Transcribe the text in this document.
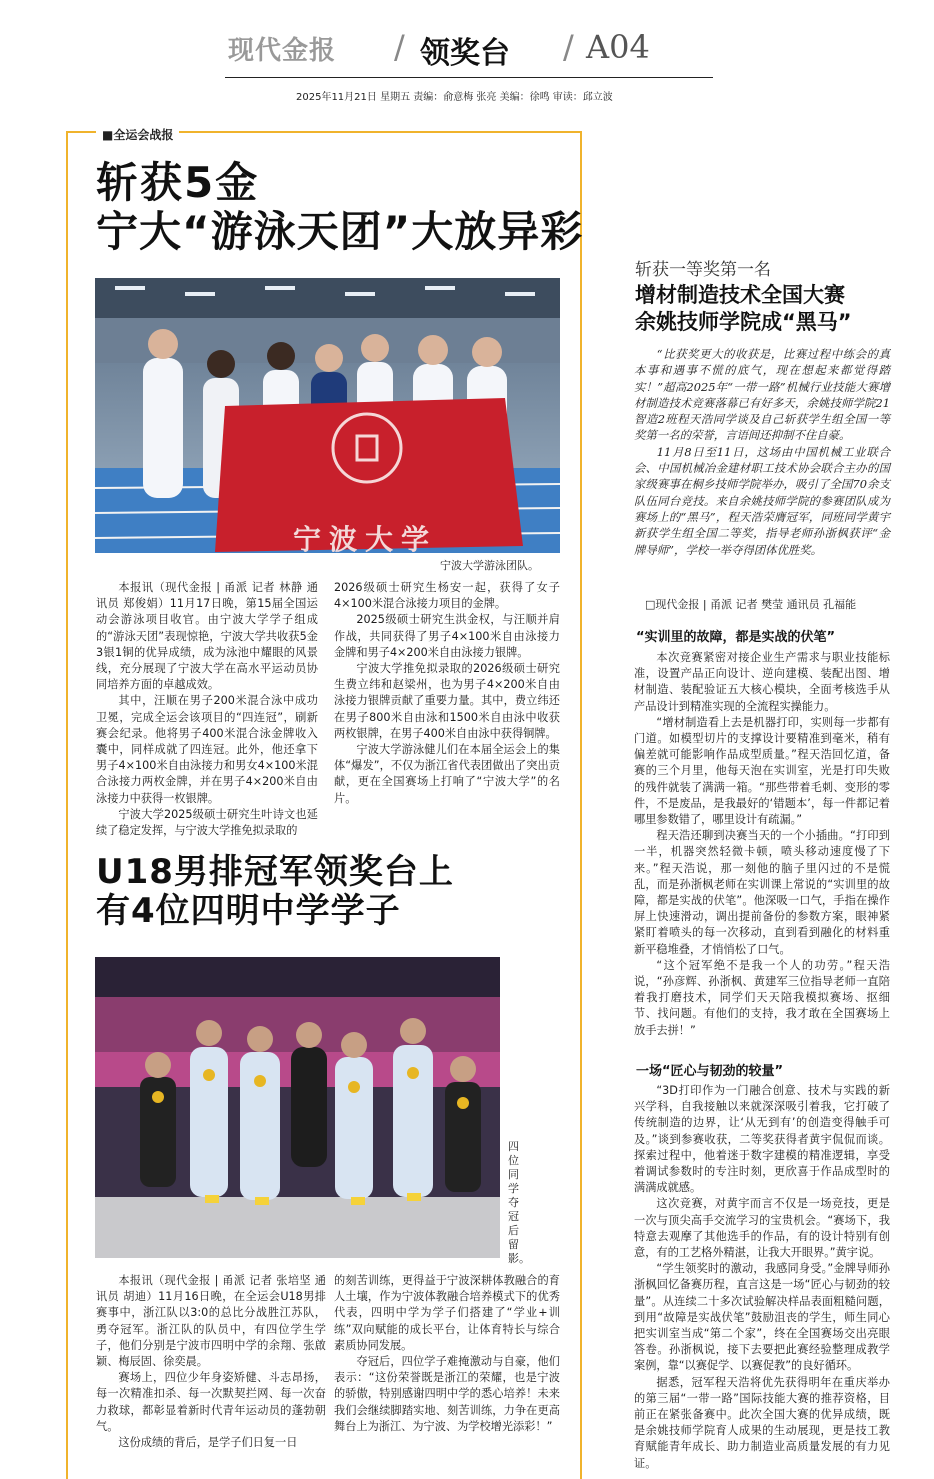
现代金报 / 领奖台 / A04
2025年11月21日 星期五 责编：俞意梅 张亮 美编：徐鸣 审读：邱立波
■全运会战报
斩获5金
宁大“游泳天团”大放异彩
宁波大学
宁波大学游泳团队。

本报讯（现代金报 | 甬派 记者 林静 通讯员 郑俊娟）11月17日晚，第15届全国运动会游泳项目收官。由宁波大学学子组成的“游泳天团”表现惊艳，宁波大学共收获5金3银1铜的优异成绩，成为泳池中耀眼的风景线，充分展现了宁波大学在高水平运动员协同培养方面的卓越成效。

其中，汪顺在男子200米混合泳中成功卫冕，完成全运会该项目的“四连冠”，刷新赛会纪录。他将男子400米混合泳金牌收入囊中，同样成就了四连冠。此外，他还拿下男子4×100米自由泳接力和男女4×100米混合泳接力两枚金牌，并在男子4×200米自由泳接力中获得一枚银牌。

宁波大学2025级硕士研究生叶诗文也延续了稳定发挥，与宁波大学推免拟录取的

2026级硕士研究生杨安一起，获得了女子4×100米混合泳接力项目的金牌。

2025级硕士研究生洪金权，与汪顺并肩作战，共同获得了男子4×100米自由泳接力金牌和男子4×200米自由泳接力银牌。

宁波大学推免拟录取的2026级硕士研究生费立纬和赵梁州，也为男子4×200米自由泳接力银牌贡献了重要力量。其中，费立纬还在男子800米自由泳和1500米自由泳中收获两枚银牌，在男子400米自由泳中获得铜牌。

宁波大学游泳健儿们在本届全运会上的集体“爆发”，不仅为浙江省代表团做出了突出贡献，更在全国赛场上打响了“宁波大学”的名片。

U18男排冠军领奖台上
有4位四明中学学子
四位同学夺冠后留影。

本报讯（现代金报 | 甬派 记者 张培坚 通讯员 胡迪）11月16日晚，在全运会U18男排赛事中，浙江队以3:0的总比分战胜江苏队，勇夺冠军。浙江队的队员中，有四位学生学子，他们分别是宁波市四明中学的余翔、张啟颖、梅辰固、徐奕晨。

赛场上，四位少年身姿矫健、斗志昂扬，每一次精准扣杀、每一次默契拦网、每一次奋力救球，都彰显着新时代青年运动员的蓬勃朝气。

这份成绩的背后，是学子们日复一日

的刻苦训练，更得益于宁波深耕体教融合的育人土壤，作为宁波体教融合培养模式下的优秀代表，四明中学为学子们搭建了“学业+训练”双向赋能的成长平台，让体育特长与综合素质协同发展。

夺冠后，四位学子难掩激动与自豪，他们表示：“这份荣誉既是浙江的荣耀，也是宁波的骄傲，特别感谢四明中学的悉心培养！未来我们会继续脚踏实地、刻苦训练，力争在更高舞台上为浙江、为宁波、为学校增光添彩！”

斩获一等奖第一名
增材制造技术全国大赛
余姚技师学院成“黑马”

“比获奖更大的收获是，比赛过程中练会的真本事和遇事不慌的底气，现在想起来都觉得踏实！”超高2025年“一带一路”机械行业技能大赛增材制造技术竞赛落幕已有好多天，余姚技师学院21智造2班程天浩同学谈及自己斩获学生组全国一等奖第一名的荣誉，言语间还抑制不住自豪。

11月8日至11日，这场由中国机械工业联合会、中国机械冶金建材职工技术协会联合主办的国家级赛事在桐乡技师学院举办，吸引了全国70余支队伍同台竞技。来自余姚技师学院的参赛团队成为赛场上的“黑马”，程天浩荣膺冠军，同班同学黄宇新获学生组全国二等奖，指导老师孙浙枫获评“金牌导师”，学校一举夺得团体优胜奖。

□现代金报 | 甬派 记者 樊莹 通讯员 孔福能
“实训里的故障，都是实战的伏笔”

本次竞赛紧密对接企业生产需求与职业技能标准，设置产品正向设计、逆向建模、装配出图、增材制造、装配验证五大核心模块，全面考核选手从产品设计到精准实现的全流程实操能力。

“增材制造看上去是机器打印，实则每一步都有门道。如模型切片的支撑设计要精准到毫米，稍有偏差就可能影响作品成型质量。”程天浩回忆道，备赛的三个月里，他每天泡在实训室，光是打印失败的残件就装了满满一箱。“那些带着毛刺、变形的零件，不是废品，是我最好的‘错题本’，每一件都记着哪里参数错了，哪里设计有疏漏。”

程天浩还聊到决赛当天的一个小插曲。“打印到一半，机器突然轻微卡顿，喷头移动速度慢了下来。”程天浩说，那一刻他的脑子里闪过的不是慌乱，而是孙浙枫老师在实训课上常说的“实训里的故障，都是实战的伏笔”。他深吸一口气，手指在操作屏上快速滑动，调出提前备份的参数方案，眼神紧紧盯着喷头的每一次移动，直到看到融化的材料重新平稳堆叠，才悄悄松了口气。

“这个冠军绝不是我一个人的功劳。”程天浩说，“孙彦辉、孙浙枫、黄建军三位指导老师一直陪着我打磨技术，同学们天天陪我模拟赛场、抠细节、找问题。有他们的支持，我才敢在全国赛场上放手去拼！”

一场“匠心与韧劲的较量”

“3D打印作为一门融合创意、技术与实践的新兴学科，自我接触以来就深深吸引着我，它打破了传统制造的边界，让‘从无到有’的创造变得触手可及。”谈到参赛收获，二等奖获得者黄宇侃侃而谈。探索过程中，他着迷于数字建模的精准逻辑，享受着调试参数时的专注时刻，更欣喜于作品成型时的满满成就感。

这次竞赛，对黄宇而言不仅是一场竞技，更是一次与顶尖高手交流学习的宝贵机会。“赛场下，我特意去观摩了其他选手的作品，有的设计特别有创意，有的工艺格外精湛，让我大开眼界。”黄宇说。

“学生领奖时的激动，我感同身受。”金牌导师孙浙枫回忆备赛历程，直言这是一场“匠心与韧劲的较量”。从连续二十多次试验解决样品表面粗糙问题，到用“故障是实战伏笔”鼓励沮丧的学生，师生同心把实训室当成“第二个家”，终在全国赛场交出亮眼答卷。孙浙枫说，接下去要把此赛经验整理成教学案例，靠“以赛促学、以赛促教”的良好循环。

据悉，冠军程天浩将优先获得明年在重庆举办的第三届“一带一路”国际技能大赛的推荐资格，目前正在紧张备赛中。此次全国大赛的优异成绩，既是余姚技师学院育人成果的生动展现，更是技工教育赋能青年成长、助力制造业高质量发展的有力见证。
